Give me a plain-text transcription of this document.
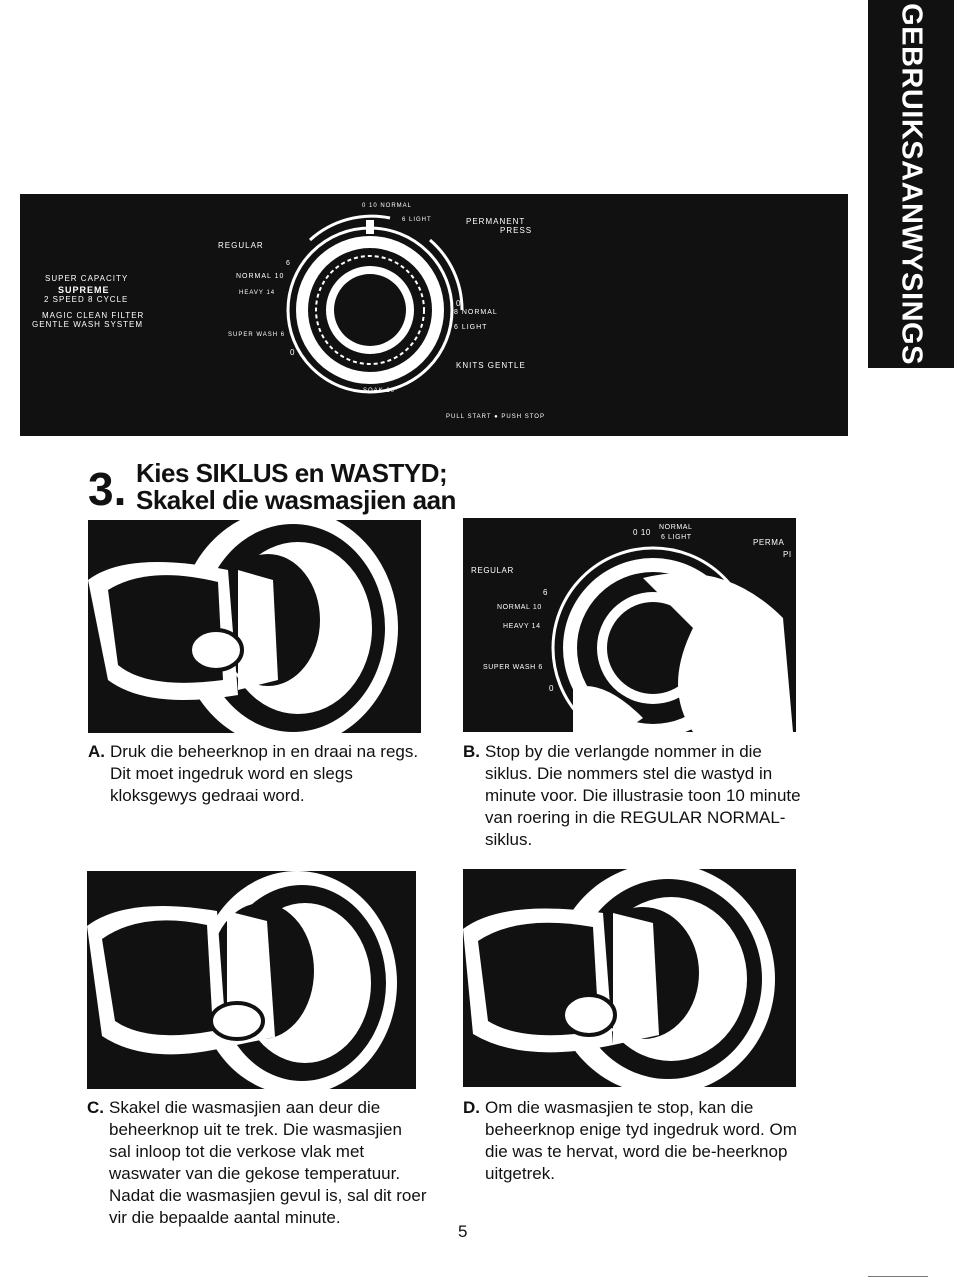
GEBRUIKSAANWYSINGS
SUPER CAPACITY
SUPREME
2 SPEED 8 CYCLE
MAGIC CLEAN FILTER
GENTLE WASH SYSTEM
0 10 NORMAL
6 LIGHT	PERMANENT
PRESS
REGULAR
6
NORMAL 10
HEAVY 14
SUPER WASH 6
0
0
8 NORMAL
6 LIGHT
KNITS GENTLE
SOAK 20°
PULL START ● PUSH STOP
3. Kies SIKLUS en WASTYD;
Skakel die wasmasjien aan
A. Druk die beheerknop in en draai na regs. Dit moet ingedruk word en slegs kloksgewys gedraai word.
0 10
NORMAL
6 LIGHT
PERMA
PI
REGULAR
6
NORMAL 10
HEAVY 14
SUPER WASH 6
0
KNITS
B. Stop by die verlangde nommer in die siklus. Die nommers stel die wastyd in minute voor. Die illustrasie toon 10 minute van roering in die REGULAR NORMAL-siklus.
C. Skakel die wasmasjien aan deur die beheerknop uit te trek. Die wasmasjien sal inloop tot die verkose vlak met waswater van die gekose temperatuur. Nadat die wasmasjien gevul is, sal dit roer vir die bepaalde aantal minute.
D. Om die wasmasjien te stop, kan die beheerknop enige tyd ingedruk word. Om die was te hervat, word die be-heerknop uitgetrek.
5
